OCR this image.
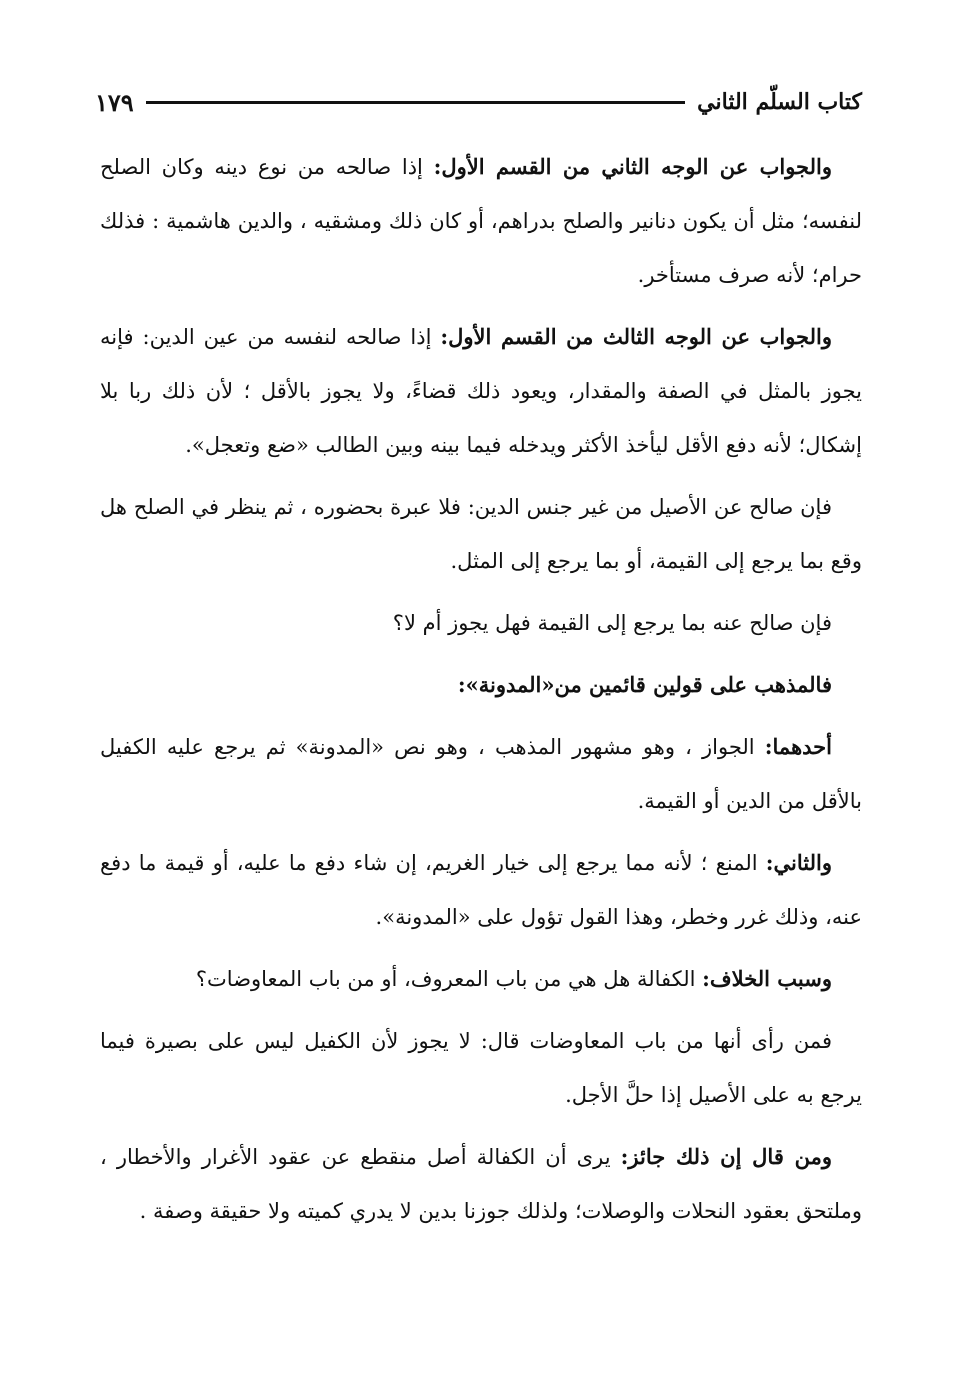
كتاب السلّم الثاني
١٧٩

والجواب عن الوجه الثاني من القسم الأول: إذا صالحه من نوع دينه وكان الصلح لنفسه؛ مثل أن يكون دنانير والصلح بدراهم، أو كان ذلك ومشقيه ، والدين هاشمية : فذلك حرام؛ لأنه صرف مستأخر.

والجواب عن الوجه الثالث من القسم الأول: إذا صالحه لنفسه من عين الدين: فإنه يجوز بالمثل في الصفة والمقدار، ويعود ذلك قضاءً، ولا يجوز بالأقل ؛ لأن ذلك ربا بلا إشكال؛ لأنه دفع الأقل ليأخذ الأكثر ويدخله فيما بينه وبين الطالب «ضع وتعجل».

فإن صالح عن الأصيل من غير جنس الدين: فلا عبرة بحضوره ، ثم ينظر في الصلح هل وقع بما يرجع إلى القيمة، أو بما يرجع إلى المثل.

فإن صالح عنه بما يرجع إلى القيمة فهل يجوز أم لا؟

فالمذهب على قولين قائمين من«المدونة»:

أحدهما: الجواز ، وهو مشهور المذهب ، وهو نص «المدونة» ثم يرجع عليه الكفيل بالأقل من الدين أو القيمة.

والثاني: المنع ؛ لأنه مما يرجع إلى خيار الغريم، إن شاء دفع ما عليه، أو قيمة ما دفع عنه، وذلك غرر وخطر، وهذا القول تؤول على «المدونة».

وسبب الخلاف: الكفالة هل هي من باب المعروف، أو من باب المعاوضات؟

فمن رأى أنها من باب المعاوضات قال: لا يجوز لأن الكفيل ليس على بصيرة فيما يرجع به على الأصيل إذا حلَّ الأجل.

ومن قال إن ذلك جائز: يرى أن الكفالة أصل منقطع عن عقود الأغرار والأخطار ، وملتحق بعقود النحلات والوصلات؛ ولذلك جوزنا بدين لا يدري كميته ولا حقيقة وصفة .
